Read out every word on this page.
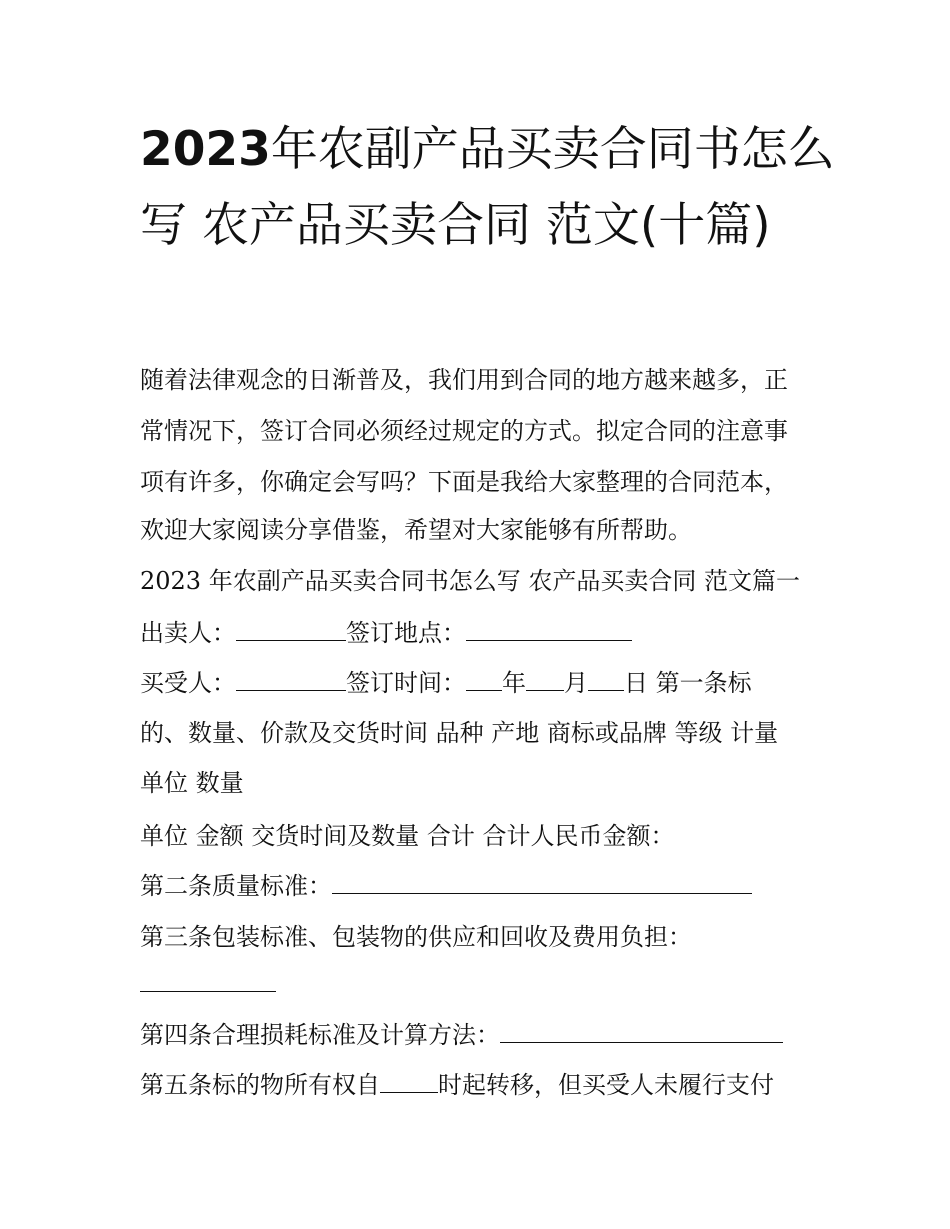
2023年农副产品买卖合同书怎么写 农产品买卖合同 范文(十篇)
随着法律观念的日渐普及，我们用到合同的地方越来越多，正
常情况下，签订合同必须经过规定的方式。拟定合同的注意事
项有许多，你确定会写吗？下面是我给大家整理的合同范本，
欢迎大家阅读分享借鉴，希望对大家能够有所帮助。
2023 年农副产品买卖合同书怎么写 农产品买卖合同 范文篇一
出卖人：	签订地点：
买受人：	签订时间： 年 月 日 第一条标
的、数量、价款及交货时间 品种 产地 商标或品牌 等级 计量
单位 数量
单位 金额 交货时间及数量 合计 合计人民币金额：
第二条质量标准：
第三条包装标准、包装物的供应和回收及费用负担：
第四条合理损耗标准及计算方法：
第五条标的物所有权自 时起转移，但买受人未履行支付
